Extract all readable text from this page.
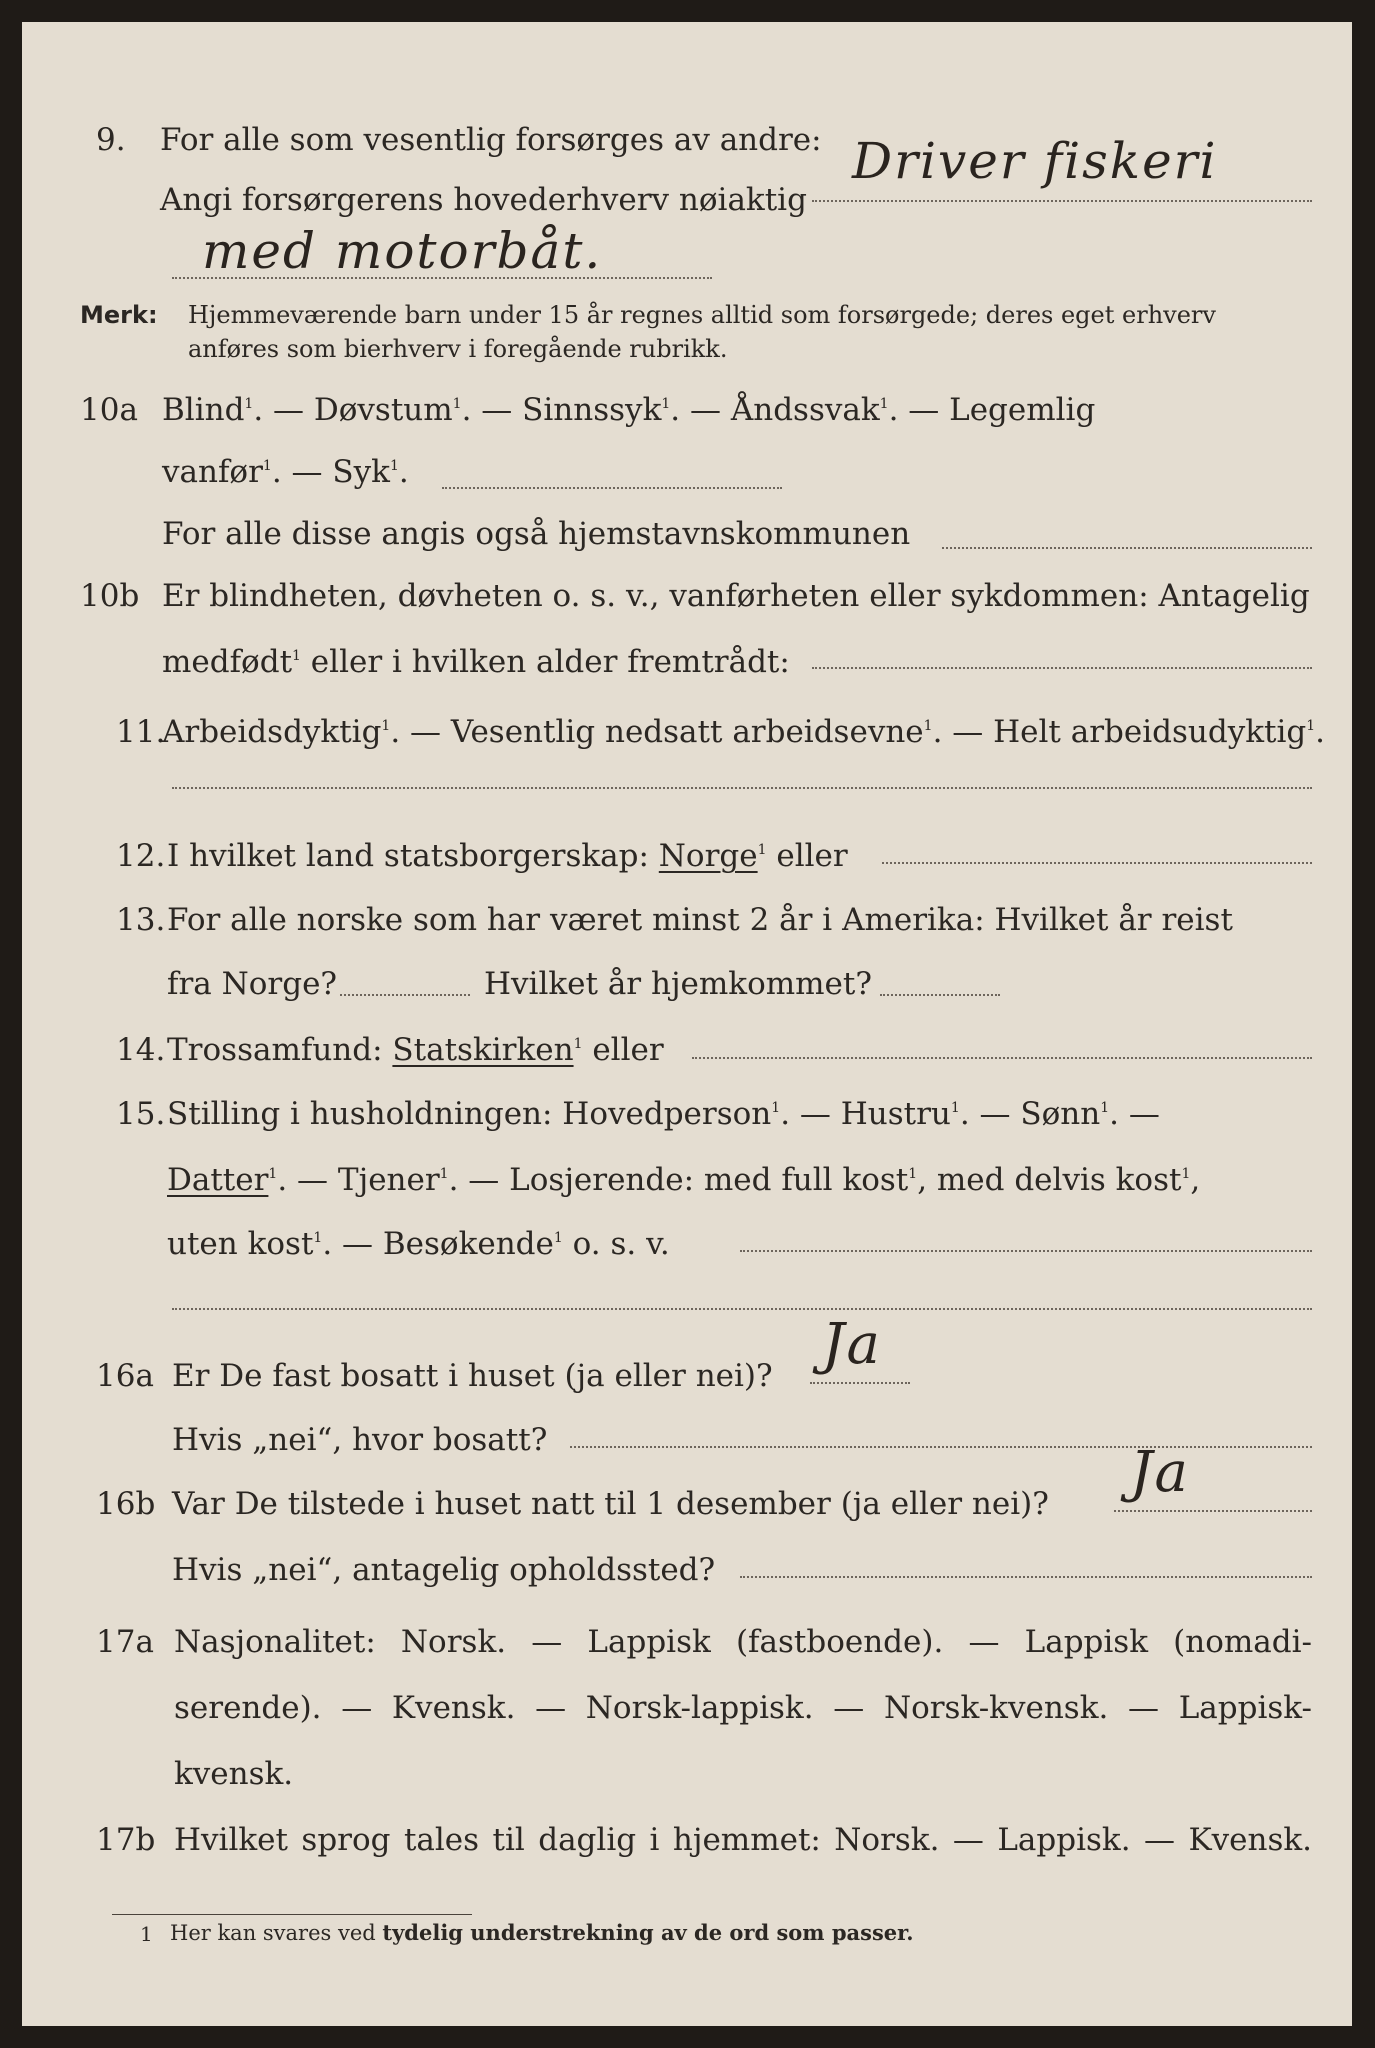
9. For alle som vesentlig forsørges av andre:
Angi forsørgerens hovederhverv nøiaktig
Driver fiskeri
med motorbåt.
Merk: Hjemmeværende barn under 15 år regnes alltid som forsørgede; deres eget erhverv
anføres som bierhverv i foregående rubrikk.
10a Blind$^1$. — Døvstum$^1$. — Sinnssyk$^1$. — Åndssvak$^1$. — Legemlig
vanfør$^1$. — Syk$^1$.
For alle disse angis også hjemstavnskommunen
10b Er blindheten, døvheten o. s. v., vanførheten eller sykdommen: Antagelig
medfødt$^1$ eller i hvilken alder fremtrådt:
11.
Arbeidsdyktig$^1$. — Vesentlig nedsatt arbeidsevne$^1$. — Helt arbeidsudyktig$^1$.
12. I hvilket land statsborgerskap: Norge$^1$ eller
13. For alle norske som har været minst 2 år i Amerika: Hvilket år reist
fra Norge?	Hvilket år hjemkommet?
14. Trossamfund: Statskirken$^1$ eller
15. Stilling i husholdningen: Hovedperson$^1$. — Hustru$^1$. — Sønn$^1$. —
Datter$^1$. — Tjener$^1$. — Losjerende: med full kost$^1$, med delvis kost$^1$,
uten kost$^1$. — Besøkende$^1$ o. s. v.
16a Er De fast bosatt i huset (ja eller nei)? Ja
Hvis „nei“, hvor bosatt?
16b Var De tilstede i huset natt til 1 desember (ja eller nei)? Ja
Hvis „nei“, antagelig opholdssted?
17a Nasjonalitet: Norsk. — Lappisk (fastboende). — Lappisk (nomadi-
serende). — Kvensk. — Norsk-lappisk. — Norsk-kvensk. — Lappisk-
kvensk.
17b Hvilket sprog tales til daglig i hjemmet: Norsk. — Lappisk. — Kvensk.
1 Her kan svares ved tydelig understrekning av de ord som passer.
